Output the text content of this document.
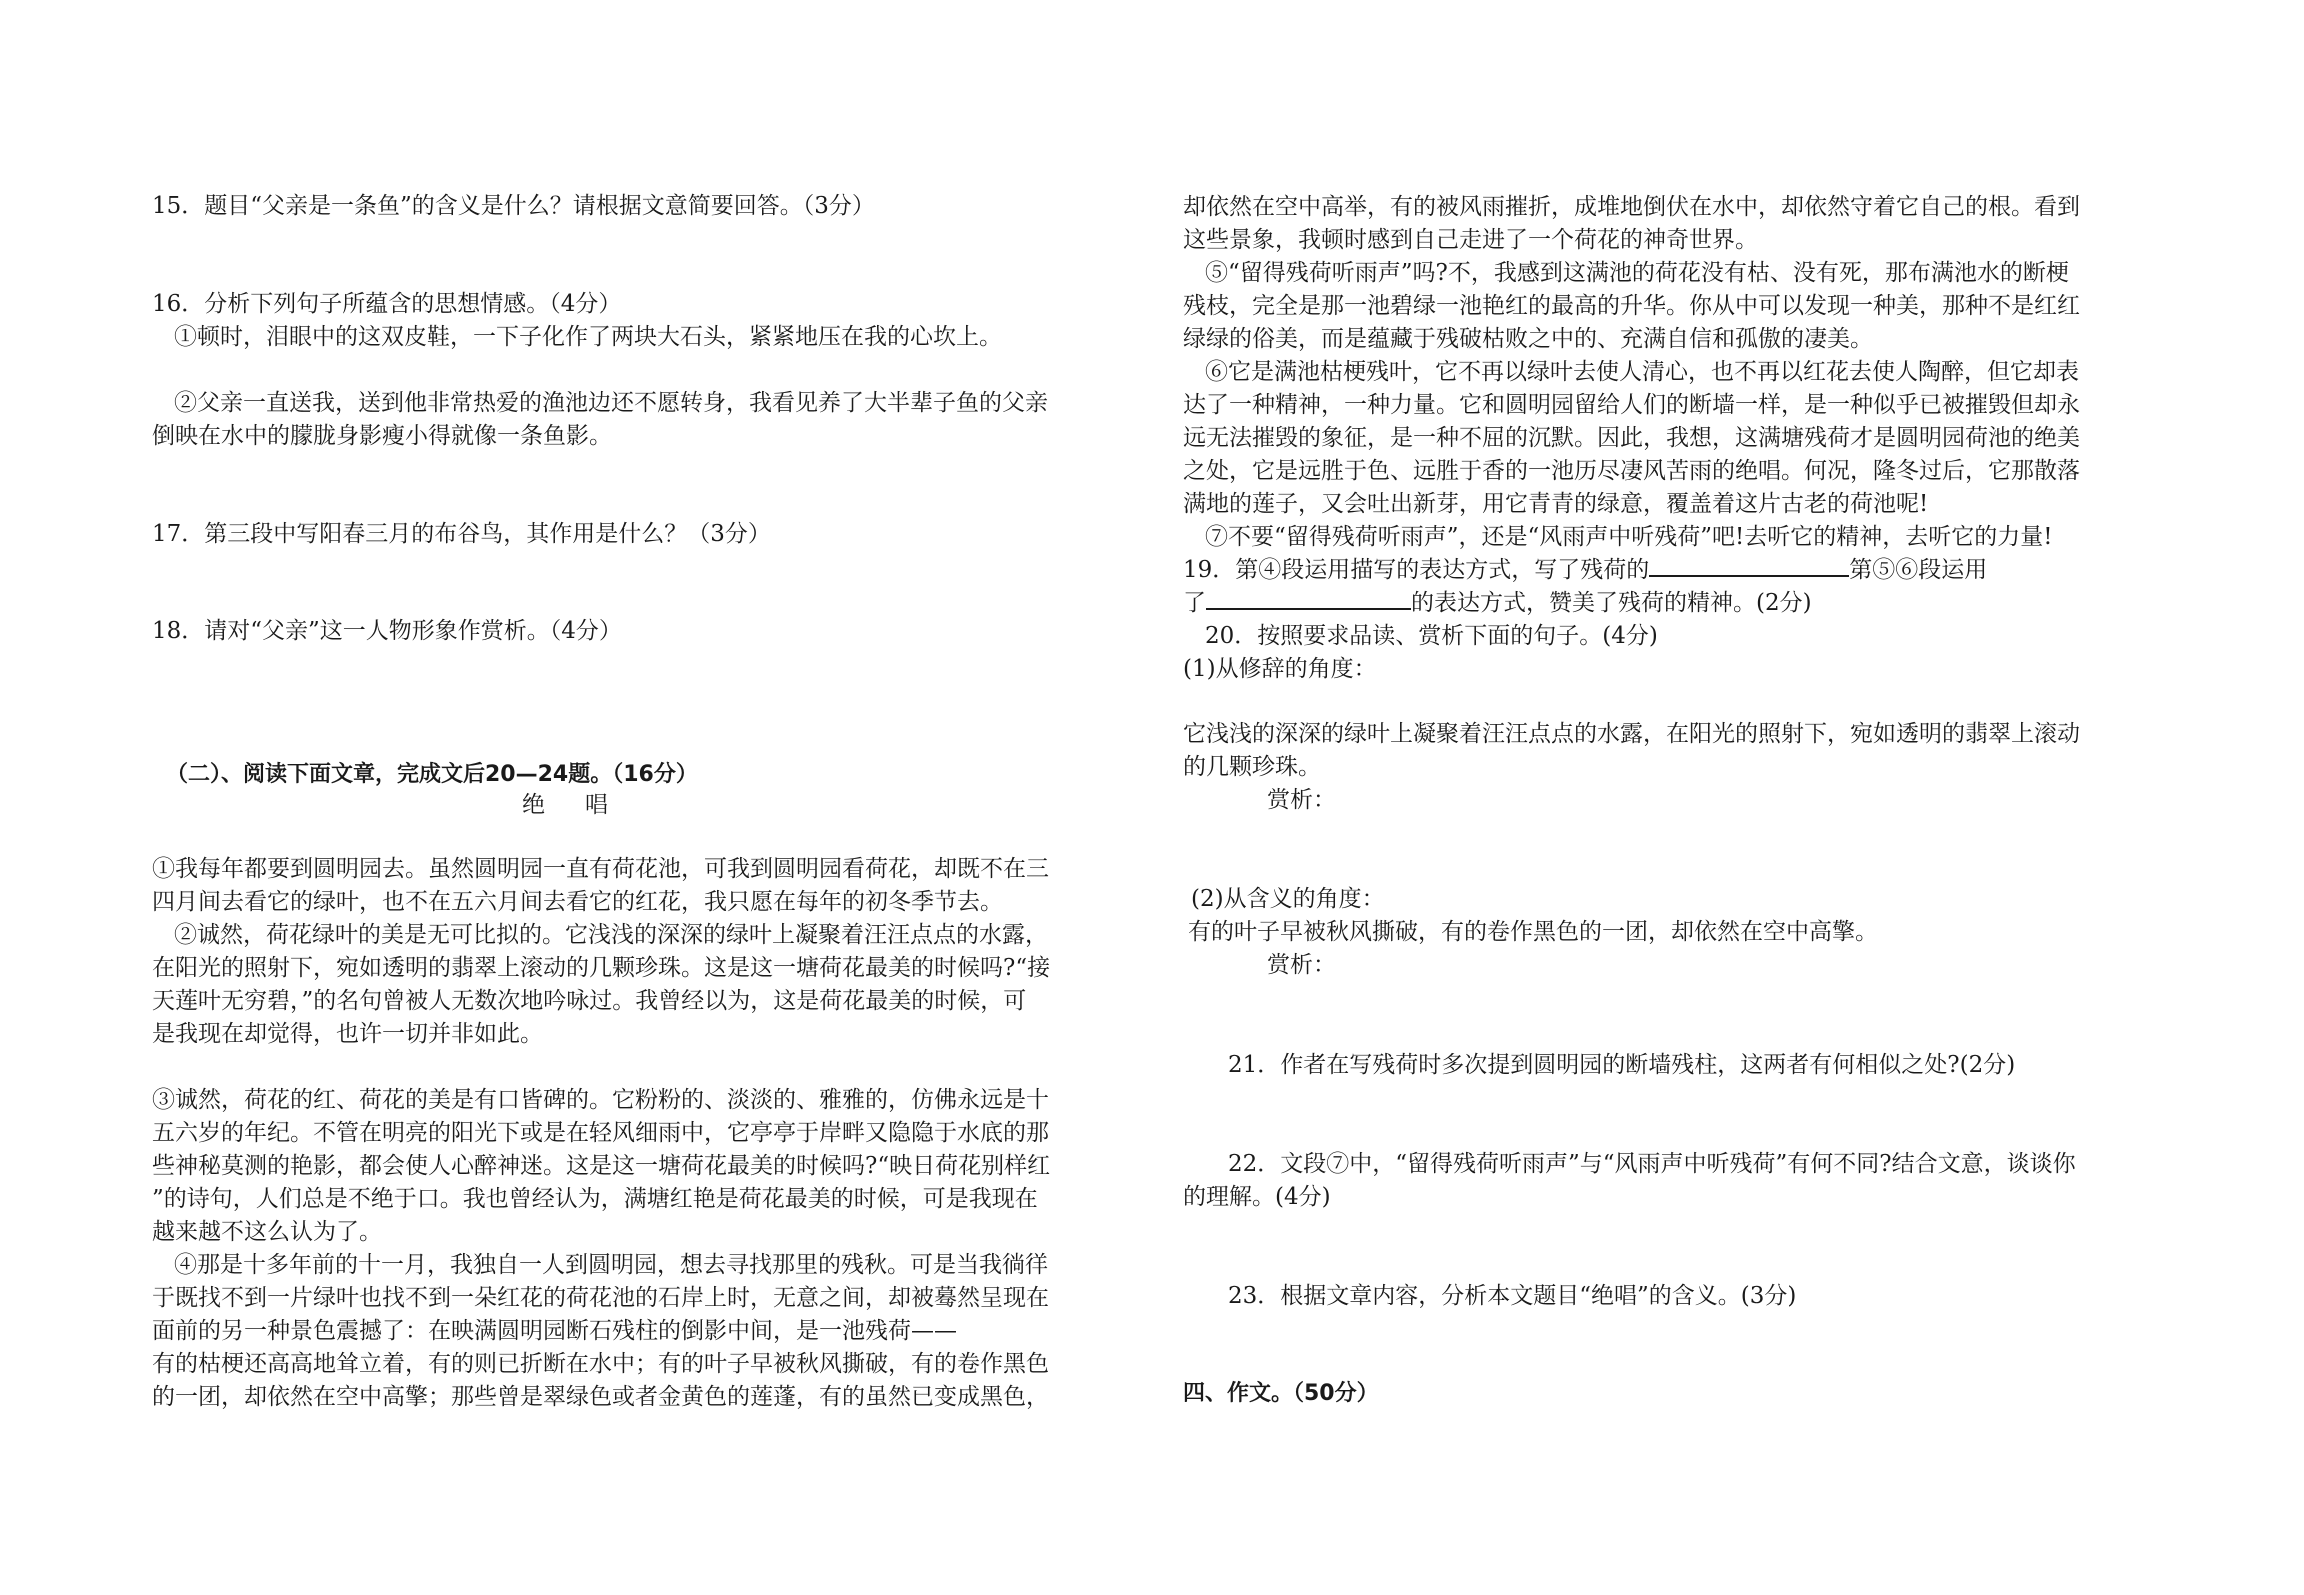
15．题目“父亲是一条鱼”的含义是什么？请根据文意简要回答。（3分）
16．分析下列句子所蕴含的思想情感。（4分）
①顿时，泪眼中的这双皮鞋，一下子化作了两块大石头，紧紧地压在我的心坎上。
②父亲一直送我，送到他非常热爱的渔池边还不愿转身，我看见养了大半辈子鱼的父亲
倒映在水中的朦胧身影瘦小得就像一条鱼影。
17．第三段中写阳春三月的布谷鸟，其作用是什么？（3分）
18．请对“父亲”这一人物形象作赏析。（4分）
（二）、阅读下面文章，完成文后20—24题。（16分）
绝唱
①我每年都要到圆明园去。虽然圆明园一直有荷花池，可我到圆明园看荷花，却既不在三
四月间去看它的绿叶，也不在五六月间去看它的红花，我只愿在每年的初冬季节去。
②诚然，荷花绿叶的美是无可比拟的。它浅浅的深深的绿叶上凝聚着汪汪点点的水露，
在阳光的照射下，宛如透明的翡翠上滚动的几颗珍珠。这是这一塘荷花最美的时候吗?“接
天莲叶无穷碧，”的名句曾被人无数次地吟咏过。我曾经以为，这是荷花最美的时候，可
是我现在却觉得，也许一切并非如此。
③诚然，荷花的红、荷花的美是有口皆碑的。它粉粉的、淡淡的、雅雅的，仿佛永远是十
五六岁的年纪。不管在明亮的阳光下或是在轻风细雨中，它亭亭于岸畔又隐隐于水底的那
些神秘莫测的艳影，都会使人心醉神迷。这是这一塘荷花最美的时候吗?“映日荷花别样红
”的诗句，人们总是不绝于口。我也曾经认为，满塘红艳是荷花最美的时候，可是我现在
越来越不这么认为了。
④那是十多年前的十一月，我独自一人到圆明园，想去寻找那里的残秋。可是当我徜徉
于既找不到一片绿叶也找不到一朵红花的荷花池的石岸上时，无意之间，却被蓦然呈现在
面前的另一种景色震撼了：在映满圆明园断石残柱的倒影中间，是一池残荷——
有的枯梗还高高地耸立着，有的则已折断在水中；有的叶子早被秋风撕破，有的卷作黑色
的一团，却依然在空中高擎；那些曾是翠绿色或者金黄色的莲蓬，有的虽然已变成黑色，
却依然在空中高举，有的被风雨摧折，成堆地倒伏在水中，却依然守着它自己的根。看到
这些景象，我顿时感到自己走进了一个荷花的神奇世界。
⑤“留得残荷听雨声”吗?不，我感到这满池的荷花没有枯、没有死，那布满池水的断梗
残枝，完全是那一池碧绿一池艳红的最高的升华。你从中可以发现一种美，那种不是红红
绿绿的俗美，而是蕴藏于残破枯败之中的、充满自信和孤傲的凄美。
⑥它是满池枯梗残叶，它不再以绿叶去使人清心，也不再以红花去使人陶醉，但它却表
达了一种精神，一种力量。它和圆明园留给人们的断墙一样，是一种似乎已被摧毁但却永
远无法摧毁的象征，是一种不屈的沉默。因此，我想，这满塘残荷才是圆明园荷池的绝美
之处，它是远胜于色、远胜于香的一池历尽凄风苦雨的绝唱。何况，隆冬过后，它那散落
满地的莲子，又会吐出新芽，用它青青的绿意，覆盖着这片古老的荷池呢!
⑦不要“留得残荷听雨声”，还是“风雨声中听残荷”吧!去听它的精神，去听它的力量!
19．第④段运用描写的表达方式，写了残荷的	第⑤⑥段运用
了	的表达方式，赞美了残荷的精神。(2分)
20．按照要求品读、赏析下面的句子。(4分)
(1)从修辞的角度：
它浅浅的深深的绿叶上凝聚着汪汪点点的水露，在阳光的照射下，宛如透明的翡翠上滚动
的几颗珍珠。
赏析：
(2)从含义的角度：
有的叶子早被秋风撕破，有的卷作黑色的一团，却依然在空中高擎。
赏析：
21．作者在写残荷时多次提到圆明园的断墙残柱，这两者有何相似之处?(2分)
22．文段⑦中，“留得残荷听雨声”与“风雨声中听残荷”有何不同?结合文意，谈谈你
的理解。(4分)
23．根据文章内容，分析本文题目“绝唱”的含义。(3分)
四、作文。（50分）
